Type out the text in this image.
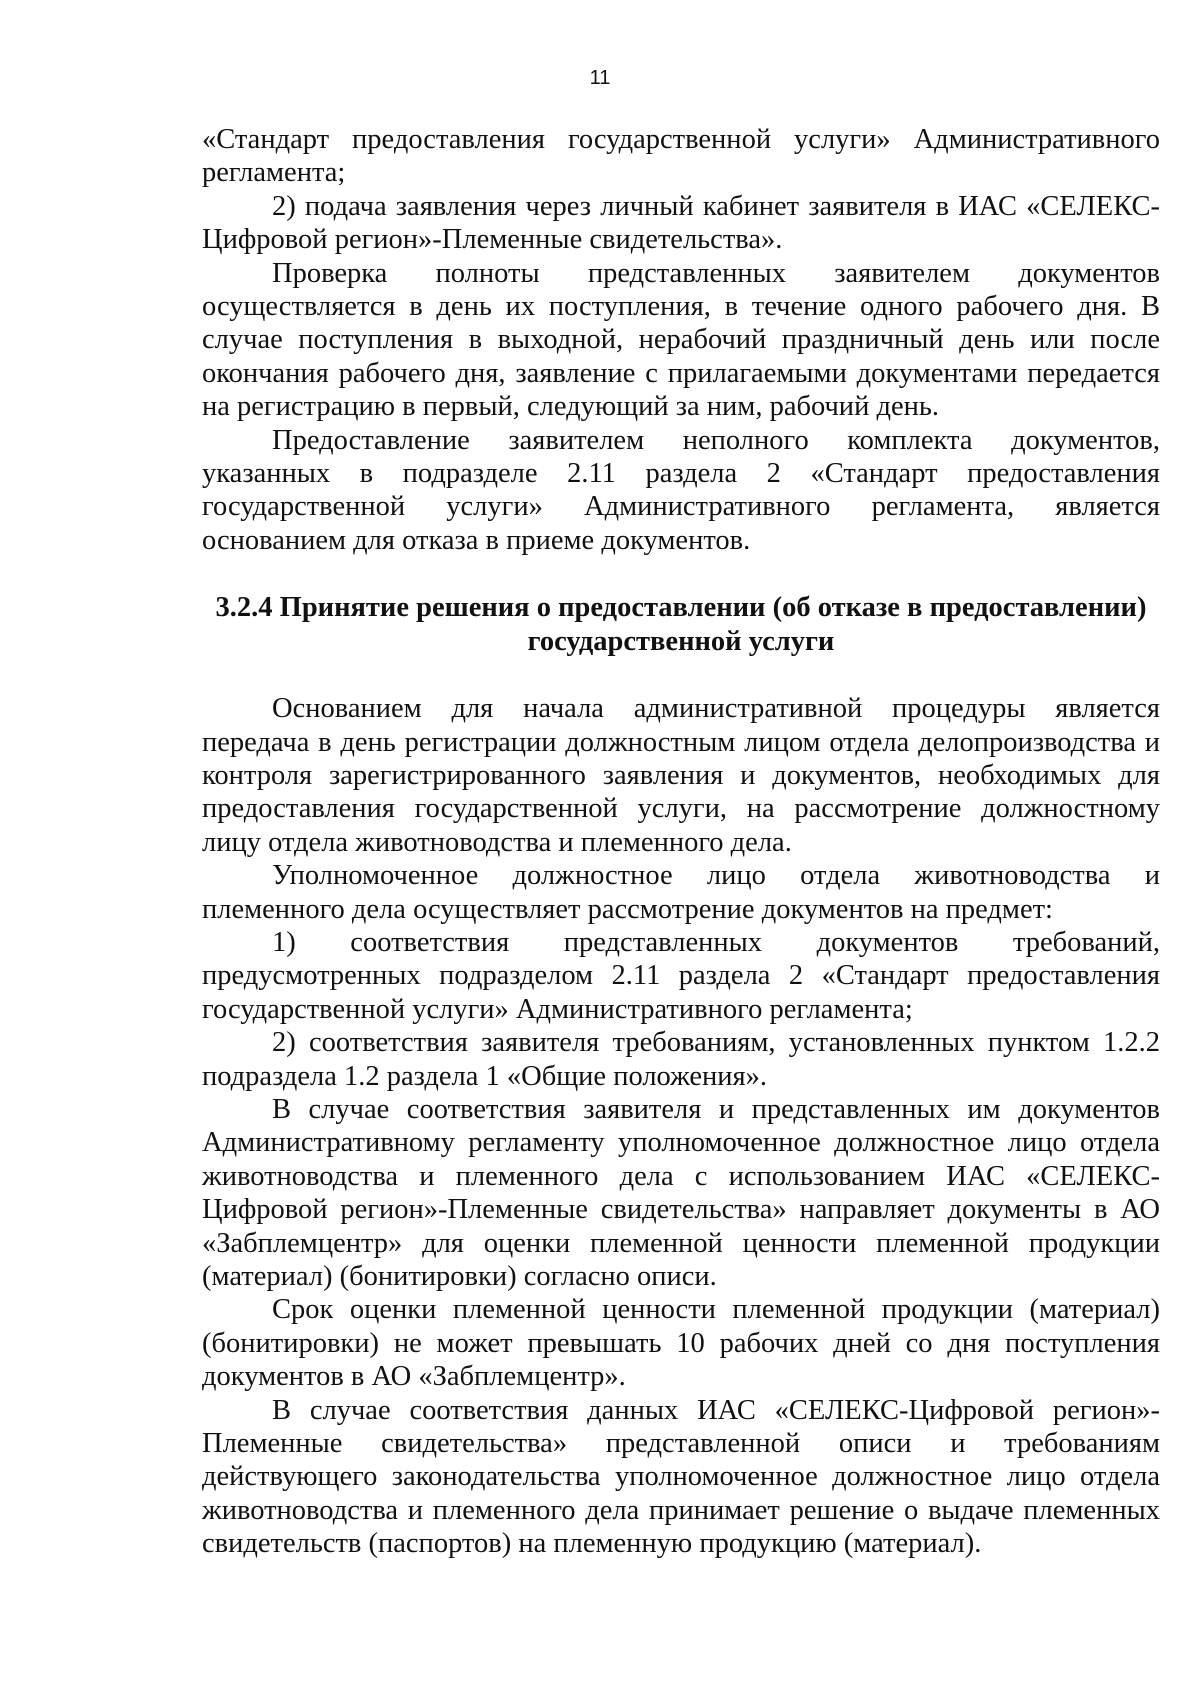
11

«Стандарт предоставления государственной услуги» Административного регламента;

2) подача заявления через личный кабинет заявителя в ИАС «СЕЛЕКС-Цифровой регион»-Племенные свидетельства».

Проверка полноты представленных заявителем документов осуществляется в день их поступления, в течение одного рабочего дня. В случае поступления в выходной, нерабочий праздничный день или после окончания рабочего дня, заявление с прилагаемыми документами передается на регистрацию в первый, следующий за ним, рабочий день.

Предоставление заявителем неполного комплекта документов, указанных в подразделе 2.11 раздела 2 «Стандарт предоставления государственной услуги» Административного регламента, является основанием для отказа в приеме документов.

3.2.4 Принятие решения о предоставлении (об отказе в предоставлении)
государственной услуги

Основанием для начала административной процедуры является передача в день регистрации должностным лицом отдела делопроизводства и контроля зарегистрированного заявления и документов, необходимых для предоставления государственной услуги, на рассмотрение должностному лицу отдела животноводства и племенного дела.

Уполномоченное должностное лицо отдела животноводства и племенного дела осуществляет рассмотрение документов на предмет:

1) соответствия представленных документов требований, предусмотренных подразделом 2.11 раздела 2 «Стандарт предоставления государственной услуги» Административного регламента;

2) соответствия заявителя требованиям, установленных пунктом 1.2.2 подраздела 1.2 раздела 1 «Общие положения».

В случае соответствия заявителя и представленных им документов Административному регламенту уполномоченное должностное лицо отдела животноводства и племенного дела с использованием ИАС «СЕЛЕКС-Цифровой регион»-Племенные свидетельства» направляет документы в АО «Забплемцентр» для оценки племенной ценности племенной продукции (материал) (бонитировки) согласно описи.

Срок оценки племенной ценности племенной продукции (материал) (бонитировки) не может превышать 10 рабочих дней со дня поступления документов в АО «Забплемцентр».

В случае соответствия данных ИАС «СЕЛЕКС-Цифровой регион»-Племенные свидетельства» представленной описи и требованиям действующего законодательства уполномоченное должностное лицо отдела животноводства и племенного дела принимает решение о выдаче племенных свидетельств (паспортов) на племенную продукцию (материал).
